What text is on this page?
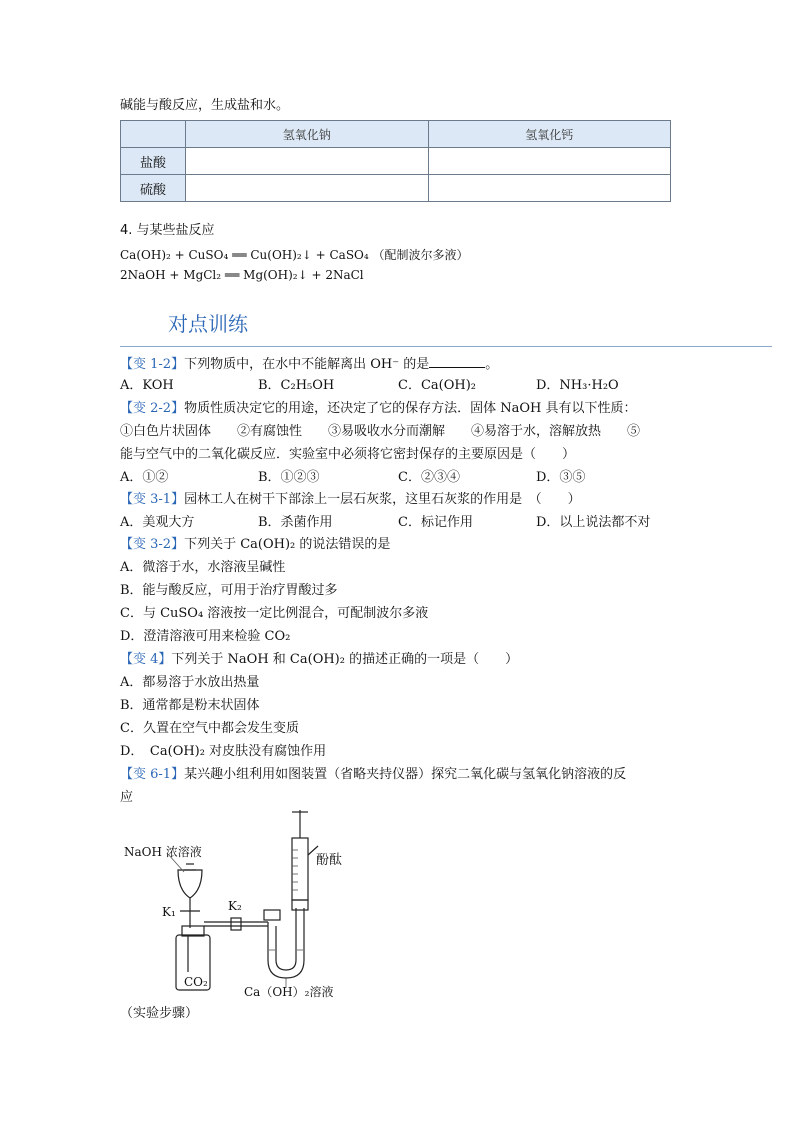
碱能与酸反应，生成盐和水。
	氢氧化钠	氢氧化钙
盐酸		
硫酸		
4. 与某些盐反应
Ca(OH)₂ + CuSO₄ ══ Cu(OH)₂↓ + CaSO₄ （配制波尔多液）
2NaOH + MgCl₂ ══ Mg(OH)₂↓ + 2NaCl
对点训练
【变 1-2】下列物质中，在水中不能解离出 OH⁻ 的是	。
A．KOH	B．C₂H₅OH	C．Ca(OH)₂	D．NH₃·H₂O
【变 2-2】物质性质决定它的用途，还决定了它的保存方法．固体 NaOH 具有以下性质：
①白色片状固体　　②有腐蚀性　　③易吸收水分而潮解　　④易溶于水，溶解放热　　⑤
能与空气中的二氧化碳反应．实验室中必须将它密封保存的主要原因是（　　）
A．①②	B．①②③	C．②③④	D．③⑤
【变 3-1】园林工人在树干下部涂上一层石灰浆，这里石灰浆的作用是　（　　）
A．美观大方	B．杀菌作用	C．标记作用	D．以上说法都不对
【变 3-2】下列关于 Ca(OH)₂ 的说法错误的是
A．微溶于水，水溶液呈碱性
B．能与酸反应，可用于治疗胃酸过多
C．与 CuSO₄ 溶液按一定比例混合，可配制波尔多液
D．澄清溶液可用来检验 CO₂
【变 4】下列关于 NaOH 和 Ca(OH)₂ 的描述正确的一项是（　　）
A．都易溶于水放出热量
B．通常都是粉末状固体
C．久置在空气中都会发生变质
D．　Ca(OH)₂ 对皮肤没有腐蚀作用
【变 6-1】某兴趣小组利用如图装置（省略夹持仪器）探究二氧化碳与氢氧化钠溶液的反
应
NaOH 浓溶液
酚酞
K₁	K₂
CO₂
Ca（OH）₂溶液
（实验步骤）
